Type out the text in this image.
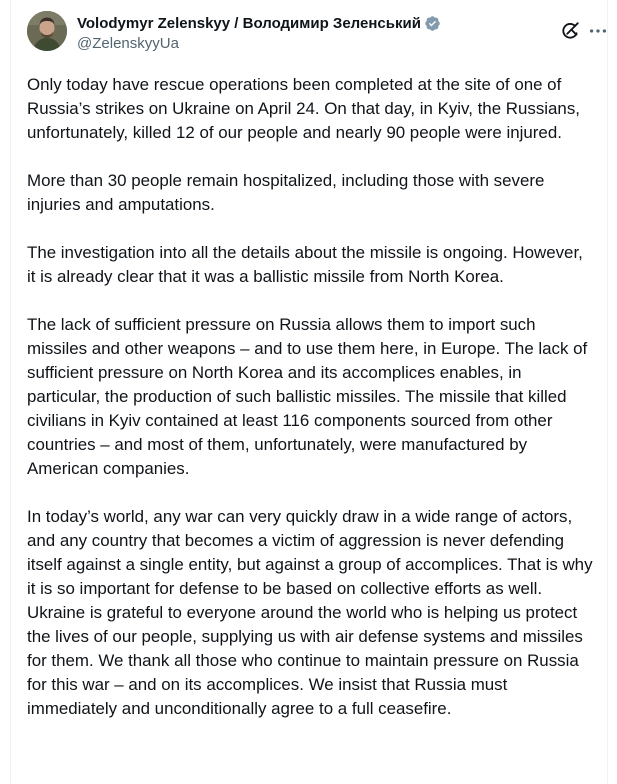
Volodymyr Zelenskyy / Володимир Зеленський
@ZelenskyyUa

Only today have rescue operations been completed at the site of one of Russia’s strikes on Ukraine on April 24. On that day, in Kyiv, the Russians, unfortunately, killed 12 of our people and nearly 90 people were injured.

More than 30 people remain hospitalized, including those with severe injuries and amputations.

The investigation into all the details about the missile is ongoing. However, it is already clear that it was a ballistic missile from North Korea.

The lack of sufficient pressure on Russia allows them to import such missiles and other weapons – and to use them here, in Europe. The lack of sufficient pressure on North Korea and its accomplices enables, in particular, the production of such ballistic missiles. The missile that killed civilians in Kyiv contained at least 116 components sourced from other countries – and most of them, unfortunately, were manufactured by American companies.

In today’s world, any war can very quickly draw in a wide range of actors, and any country that becomes a victim of aggression is never defending itself against a single entity, but against a group of accomplices. That is why it is so important for defense to be based on collective efforts as well.

Ukraine is grateful to everyone around the world who is helping us protect the lives of our people, supplying us with air defense systems and missiles for them. We thank all those who continue to maintain pressure on Russia for this war – and on its accomplices. We insist that Russia must immediately and unconditionally agree to a full ceasefire.
